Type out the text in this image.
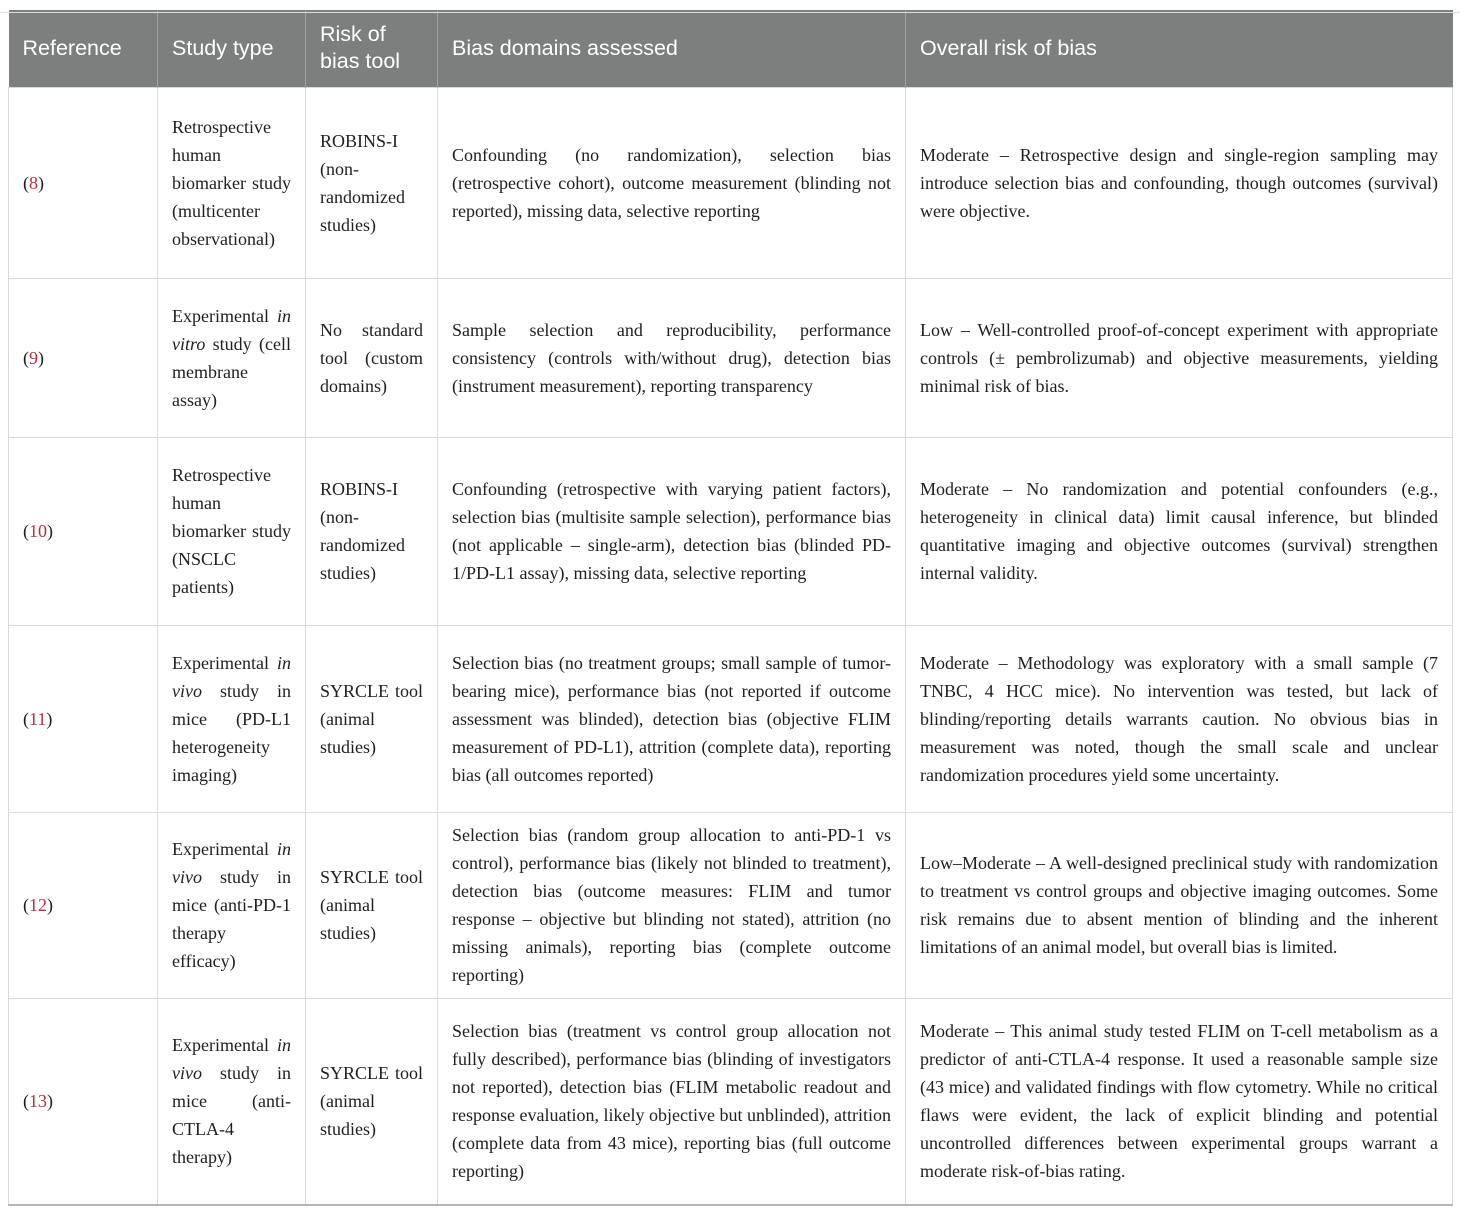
Reference	Study type	Risk of bias tool	Bias domains assessed	Overall risk of bias
(8)	Retrospective human biomarker study (multicenter observational)	ROBINS-I (non-randomized studies)	Confounding (no randomization), selection bias (retrospective cohort), outcome measurement (blinding not reported), missing data, selective reporting	Moderate – Retrospective design and single-region sampling may introduce selection bias and confounding, though outcomes (survival) were objective.
(9)	Experimental in vitro study (cell membrane assay)	No standard tool (custom domains)	Sample selection and reproducibility, performance consistency (controls with/without drug), detection bias (instrument measurement), reporting transparency	Low – Well-controlled proof-of-concept experiment with appropriate controls (± pembrolizumab) and objective measurements, yielding minimal risk of bias.
(10)	Retrospective human biomarker study (NSCLC patients)	ROBINS-I (non-randomized studies)	Confounding (retrospective with varying patient factors), selection bias (multisite sample selection), performance bias (not applicable – single-arm), detection bias (blinded PD-1/PD-L1 assay), missing data, selective reporting	Moderate – No randomization and potential confounders (e.g., heterogeneity in clinical data) limit causal inference, but blinded quantitative imaging and objective outcomes (survival) strengthen internal validity.
(11)	Experimental in vivo study in mice (PD-L1 heterogeneity imaging)	SYRCLE tool (animal studies)	Selection bias (no treatment groups; small sample of tumor-bearing mice), performance bias (not reported if outcome assessment was blinded), detection bias (objective FLIM measurement of PD-L1), attrition (complete data), reporting bias (all outcomes reported)	Moderate – Methodology was exploratory with a small sample (7 TNBC, 4 HCC mice). No intervention was tested, but lack of blinding/reporting details warrants caution. No obvious bias in measurement was noted, though the small scale and unclear randomization procedures yield some uncertainty.
(12)	Experimental in vivo study in mice (anti-PD-1 therapy efficacy)	SYRCLE tool (animal studies)	Selection bias (random group allocation to anti-PD-1 vs control), performance bias (likely not blinded to treatment), detection bias (outcome measures: FLIM and tumor response – objective but blinding not stated), attrition (no missing animals), reporting bias (complete outcome reporting)	Low–Moderate – A well-designed preclinical study with randomization to treatment vs control groups and objective imaging outcomes. Some risk remains due to absent mention of blinding and the inherent limitations of an animal model, but overall bias is limited.
(13)	Experimental in vivo study in mice (anti-CTLA-4 therapy)	SYRCLE tool (animal studies)	Selection bias (treatment vs control group allocation not fully described), performance bias (blinding of investigators not reported), detection bias (FLIM metabolic readout and response evaluation, likely objective but unblinded), attrition (complete data from 43 mice), reporting bias (full outcome reporting)	Moderate – This animal study tested FLIM on T-cell metabolism as a predictor of anti-CTLA-4 response. It used a reasonable sample size (43 mice) and validated findings with flow cytometry. While no critical flaws were evident, the lack of explicit blinding and potential uncontrolled differences between experimental groups warrant a moderate risk-of-bias rating.
